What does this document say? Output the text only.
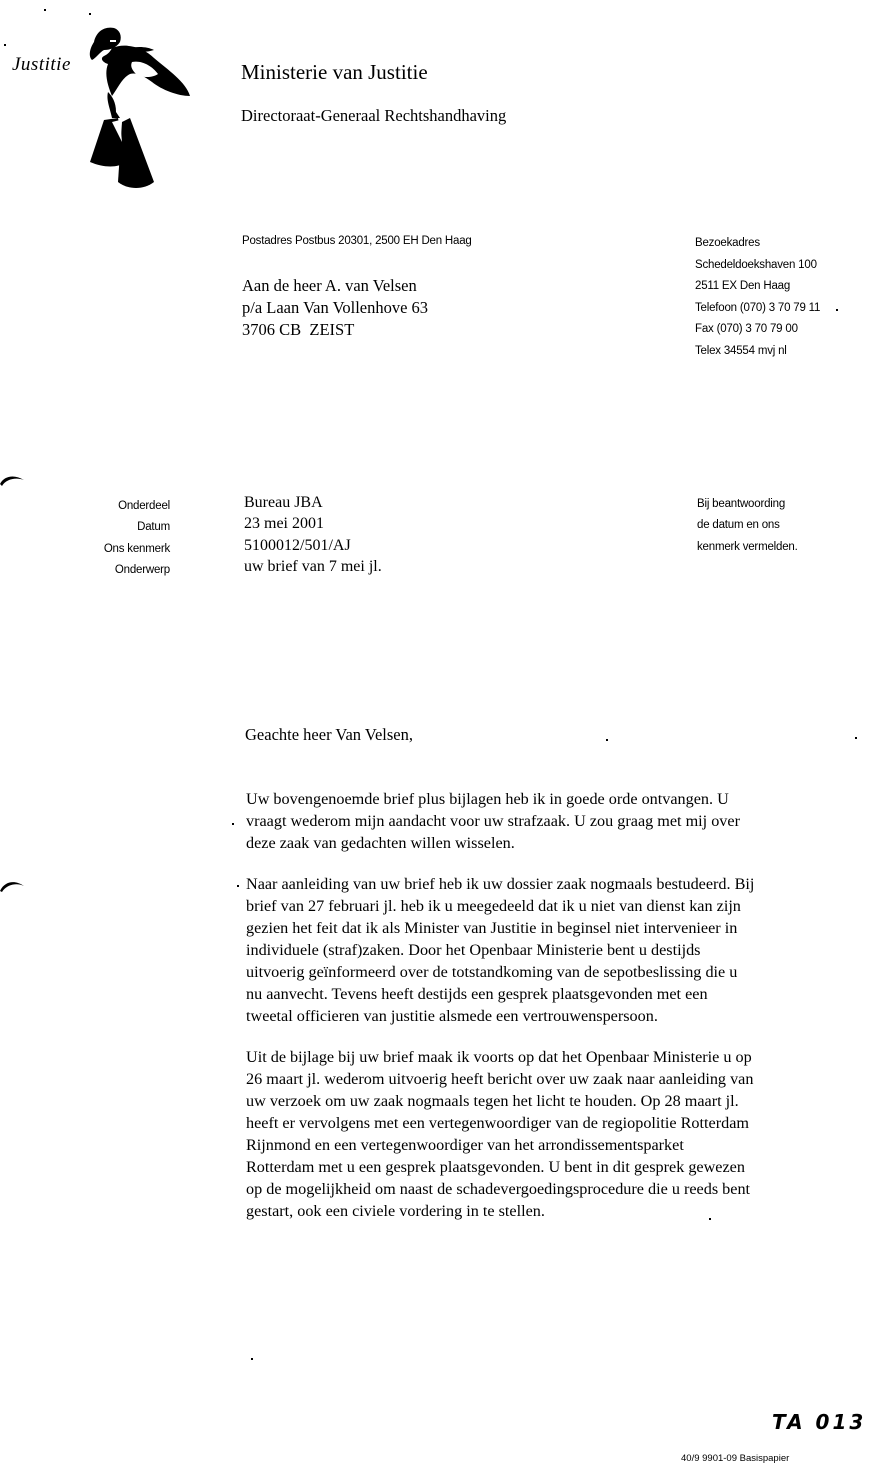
Justitie	Ministerie van Justitie
Directoraat-Generaal Rechtshandhaving
Postadres Postbus 20301, 2500 EH Den Haag
Aan de heer A. van Velsen
p/a Laan Van Vollenhove 63
3706 CB  ZEIST
Bezoekadres
Schedeldoekshaven 100
2511 EX Den Haag
Telefoon (070) 3 70 79 11
Fax (070) 3 70 79 00
Telex 34554 mvj nl
Onderdeel
Datum
Ons kenmerk
Onderwerp
Bureau JBA
23 mei 2001
5100012/501/AJ
uw brief van 7 mei jl.
Bij beantwoording
de datum en ons
kenmerk vermelden.
Geachte heer Van Velsen,
Uw bovengenoemde brief plus bijlagen heb ik in goede orde ontvangen. U
vraagt wederom mijn aandacht voor uw strafzaak. U zou graag met mij over
deze zaak van gedachten willen wisselen.
Naar aanleiding van uw brief heb ik uw dossier zaak nogmaals bestudeerd. Bij
brief van 27 februari jl. heb ik u meegedeeld dat ik u niet van dienst kan zijn
gezien het feit dat ik als Minister van Justitie in beginsel niet intervenieer in
individuele (straf)zaken. Door het Openbaar Ministerie bent u destijds
uitvoerig geïnformeerd over de totstandkoming van de sepotbeslissing die u
nu aanvecht. Tevens heeft destijds een gesprek plaatsgevonden met een
tweetal officieren van justitie alsmede een vertrouwenspersoon.
Uit de bijlage bij uw brief maak ik voorts op dat het Openbaar Ministerie u op
26 maart jl. wederom uitvoerig heeft bericht over uw zaak naar aanleiding van
uw verzoek om uw zaak nogmaals tegen het licht te houden. Op 28 maart jl.
heeft er vervolgens met een vertegenwoordiger van de regiopolitie Rotterdam
Rijnmond en een vertegenwoordiger van het arrondissementsparket
Rotterdam met u een gesprek plaatsgevonden. U bent in dit gesprek gewezen
op de mogelijkheid om naast de schadevergoedingsprocedure die u reeds bent
gestart, ook een civiele vordering in te stellen.
TA 013
40/9 9901-09 Basispapier
